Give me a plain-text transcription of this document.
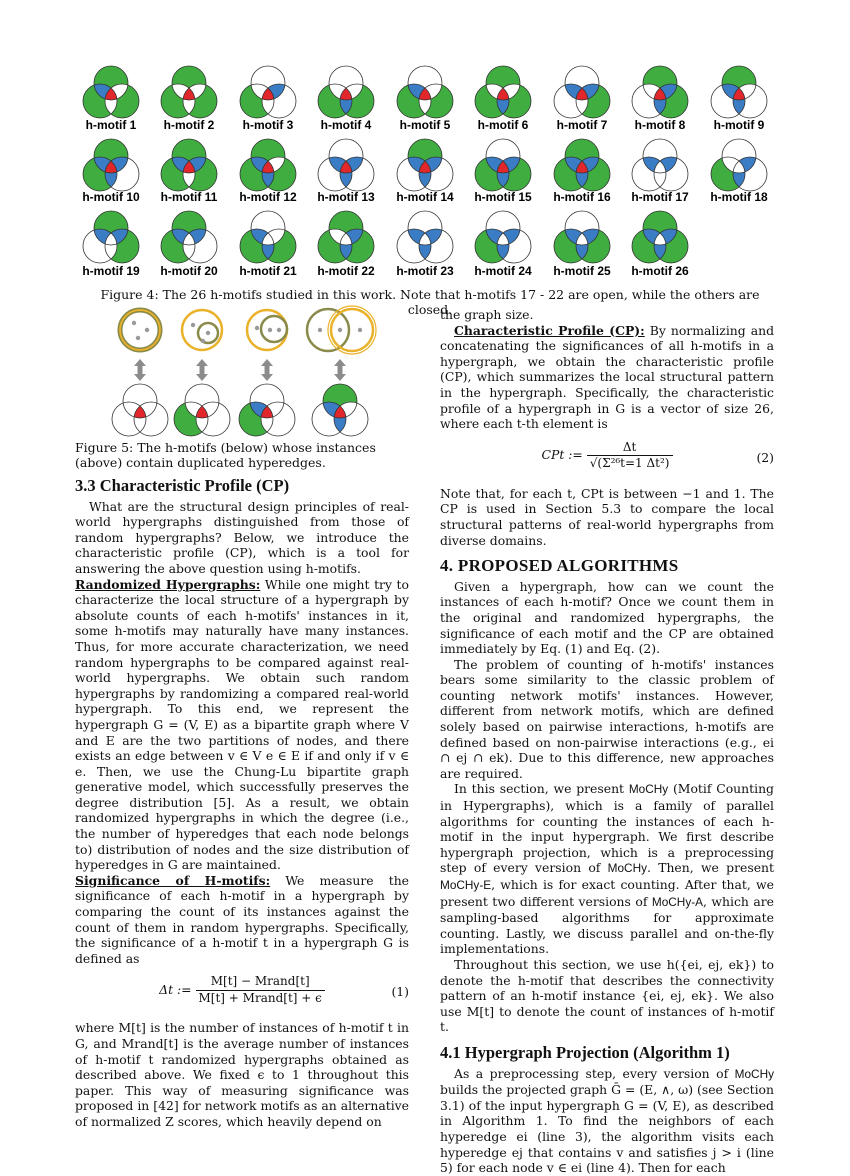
h-motif 1 h-motif 2 h-motif 3 h-motif 4 h-motif 5 h-motif 6 h-motif 7 h-motif 8 h-motif 9
h-motif 10 h-motif 11 h-motif 12 h-motif 13 h-motif 14 h-motif 15 h-motif 16 h-motif 17 h-motif 18
h-motif 19 h-motif 20 h-motif 21 h-motif 22 h-motif 23 h-motif 24 h-motif 25 h-motif 26
Figure 4: The 26 h-motifs studied in this work. Note that h-motifs 17 - 22 are open, while the others are closed.
Figure 5: The h-motifs (below) whose instances (above) contain duplicated hyperedges.
3.3 Characteristic Profile (CP)

What are the structural design principles of real-world hypergraphs distinguished from those of random hypergraphs? Below, we introduce the characteristic profile (CP), which is a tool for answering the above question using h-motifs.

Randomized Hypergraphs: While one might try to characterize the local structure of a hypergraph by absolute counts of each h-motifs' instances in it, some h-motifs may naturally have many instances. Thus, for more accurate characterization, we need random hypergraphs to be compared against real-world hypergraphs. We obtain such random hypergraphs by randomizing a compared real-world hypergraph. To this end, we represent the hypergraph G = (V, E) as a bipartite graph where V and E are the two partitions of nodes, and there exists an edge between v ∈ V e ∈ E if and only if v ∈ e. Then, we use the Chung-Lu bipartite graph generative model, which successfully preserves the degree distribution [5]. As a result, we obtain randomized hypergraphs in which the degree (i.e., the number of hyperedges that each node belongs to) distribution of nodes and the size distribution of hyperedges in G are maintained.

Significance of H-motifs: We measure the significance of each h-motif in a hypergraph by comparing the count of its instances against the count of them in random hypergraphs. Specifically, the significance of a h-motif t in a hypergraph G is defined as

Δt := $\frac{\text{M[t] − Mrand[t]}}{\text{M[t] + Mrand[t] + ϵ}}$	(1)

where M[t] is the number of instances of h-motif t in G, and Mrand[t] is the average number of instances of h-motif t randomized hypergraphs obtained as described above. We fixed ϵ to 1 throughout this paper. This way of measuring significance was proposed in [42] for network motifs as an alternative of normalized Z scores, which heavily depend on

the graph size.

Characteristic Profile (CP): By normalizing and concatenating the significances of all h-motifs in a hypergraph, we obtain the characteristic profile (CP), which summarizes the local structural pattern in the hypergraph. Specifically, the characteristic profile of a hypergraph in G is a vector of size 26, where each t-th element is

CPt := $\frac{\Delta t}{\text{√(Σ²⁶t=1 Δt²)}}$	(2)

Note that, for each t, CPt is between −1 and 1. The CP is used in Section 5.3 to compare the local structural patterns of real-world hypergraphs from diverse domains.

4. PROPOSED ALGORITHMS

Given a hypergraph, how can we count the instances of each h-motif? Once we count them in the original and randomized hypergraphs, the significance of each motif and the CP are obtained immediately by Eq. (1) and Eq. (2).

The problem of counting of h-motifs' instances bears some similarity to the classic problem of counting network motifs' instances. However, different from network motifs, which are defined solely based on pairwise interactions, h-motifs are defined based on non-pairwise interactions (e.g., ei ∩ ej ∩ ek). Due to this difference, new approaches are required.

In this section, we present MoCHy (Motif Counting in Hypergraphs), which is a family of parallel algorithms for counting the instances of each h-motif in the input hypergraph. We first describe hypergraph projection, which is a preprocessing step of every version of MoCHy. Then, we present MoCHy-E, which is for exact counting. After that, we present two different versions of MoCHy-A, which are sampling-based algorithms for approximate counting. Lastly, we discuss parallel and on-the-fly implementations.

Throughout this section, we use h({ei, ej, ek}) to denote the h-motif that describes the connectivity pattern of an h-motif instance {ei, ej, ek}. We also use M[t] to denote the count of instances of h-motif t.

4.1 Hypergraph Projection (Algorithm 1)

As a preprocessing step, every version of MoCHy builds the projected graph Ḡ = (E, ∧, ω) (see Section 3.1) of the input hypergraph G = (V, E), as described in Algorithm 1. To find the neighbors of each hyperedge ei (line 3), the algorithm visits each hyperedge ej that contains v and satisfies j > i (line 5) for each node v ∈ ei (line 4). Then for each
